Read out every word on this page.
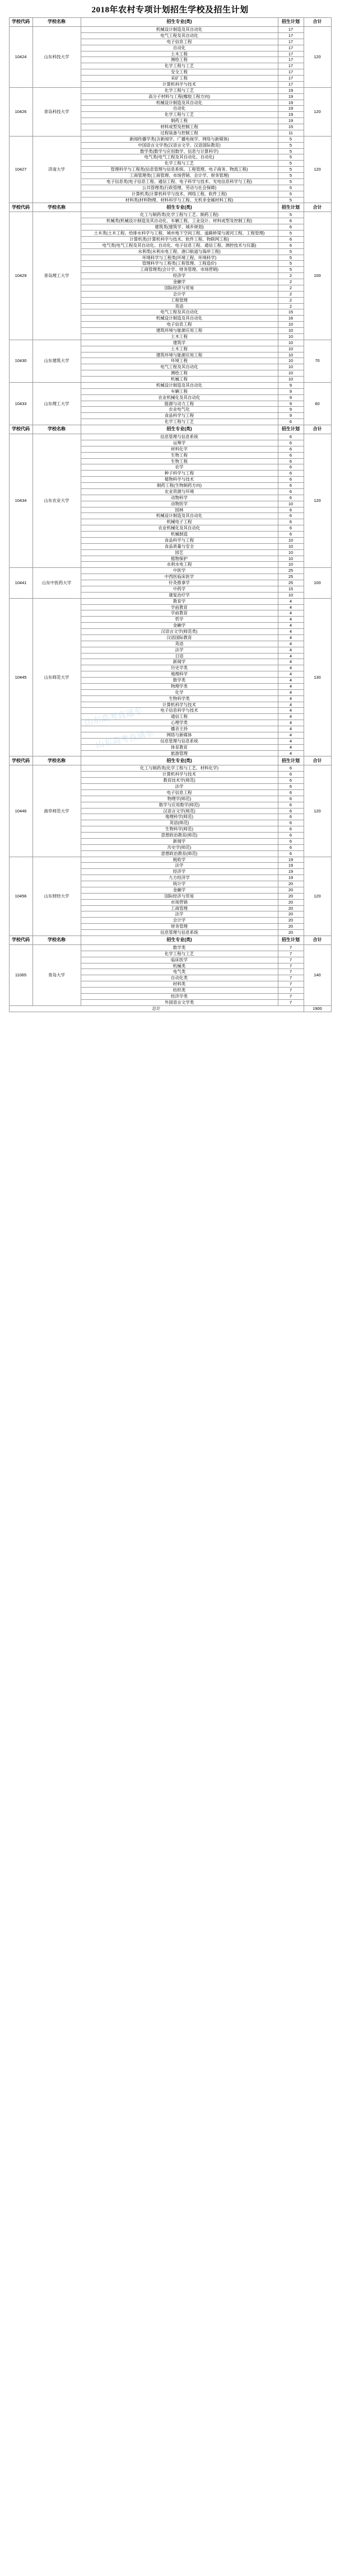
2018年农村专项计划招生学校及招生计划
学校代码	学校名称	招生专业(类)	招生计划	合计
10424	山东科技大学	机械设计制造及其自动化	17	120
		电气工程及其自动化	17	
		电子信息工程	17	
		自动化	17	
		土木工程	17	
		测绘工程	17	
		化学工程与工艺	17	
		安全工程	17	
		采矿工程	17	
		计算机科学与技术	17	
10426	青岛科技大学	化学工程与工艺	19	120
		高分子材料与工程(橡胶工程方向)	19	
		机械设计制造及其自动化	19	
		自动化	19	
		化学工程与工艺	19	
		制药工程	19	
		材料成型及控制工程	15	
		过程装备与控制工程	11	
10427	济南大学	新闻传播学类(含新闻学、广播电视学、网络与新媒体)	5	120
		中国语言文学类(汉语言文学、汉语国际教育)	5	
		数学类(数学与应用数学、信息与计算科学)	5	
		电气类(电气工程及其自动化、自动化)	5	
		化学工程与工艺	5	
		管理科学与工程类(信息管理与信息系统、工程管理、电子商务、物流工程)	5	
		工商管理类(工商管理、市场营销、会计学、财务管理)	5	
		电子信息类(电子信息工程、通信工程、电子科学与技术、光电信息科学与工程)	5	
		公共管理类(行政管理、劳动与社会保障)	5	
		计算机类(计算机科学与技术、网络工程、软件工程)	5	
		材料类(材料物理、材料科学与工程、无机非金属材料工程)	5	
学校代码	学校名称	招生专业(类)	招生计划	合计
10429	青岛理工大学	化工与制药类(化学工程与工艺、制药工程)	5	100
		机械类(机械设计制造及其自动化、车辆工程、工业设计、材料成型及控制工程)	6	
		建筑类(建筑学、城乡规划)	6	
		土木类(土木工程、给排水科学与工程、城市地下空间工程、道路桥梁与渡河工程、工程管理)	5	
		计算机类(计算机科学与技术、软件工程、物联网工程)	6	
		电气类(电气工程及其自动化、自动化、电子信息工程、通信工程、测控技术与仪器)	6	
		水利类(水利水电工程、港口航道与海岸工程)	5	
		环境科学与工程类(环境工程、环境科学)	5	
		管理科学与工程类(工程管理、工程造价)	5	
		工商管理类(会计学、财务管理、市场营销)	5	
		经济学	2	
		金融学	2	
		国际经济与贸易	2	
		会计学	2	
		工程管理	2	
		英语	2	
		电气工程及其自动化	15	
		机械设计制造及其自动化	16	
		电子信息工程	10	
		建筑环境与能源应用工程	10	
		土木工程	10	
10430	山东建筑大学	建筑学	10	70
		土木工程	10	
		建筑环境与能源应用工程	10	
		环境工程	10	
		电气工程及其自动化	10	
		测绘工程	10	
		机械工程	10	
10433	山东理工大学	机械设计制造及其自动化	9	60
		车辆工程	9	
		农业机械化及其自动化	9	
		能源与动力工程	9	
		农业电气化	9	
		食品科学与工程	9	
		化学工程与工艺	6	
学校代码	学校名称	招生专业(类)	招生计划	合计
10434	山东农业大学	信息管理与信息系统	6	120
		运筹学	6	
		材料化学	6	
		生物工程	6	
		生物工程	6	
		农学	6	
		种子科学与工程	6	
		植物科学与技术	6	
		制药工程(生物制药方向)	6	
		农业资源与环境	6	
		动物科学	6	
		动物医学	10	
		园林	6	
		机械设计制造及其自动化	6	
		机械电子工程	6	
		农业机械化及其自动化	6	
		机械制造	6	
		食品科学与工程	10	
		食品质量与安全	10	
		园艺	10	
		植物保护	10	
		水利水电工程	10	
10441	山东中医药大学	中医学	25	100
		中西医临床医学	25	
		针灸推拿学	25	
		中药学	15	
		康复治疗学	10	
10445	山东师范大学	教育学	4	130
		学前教育	4	
		学前教育	4	
		哲学	4	
		金融学	4	
		汉语言文学(师范类)	4	
		汉语国际教育	4	
		英语	4	
		法学	4	
		日语	4	
		新闻学	4	
		历史学类	4	
		地理科学	4	
		数学类	4	
		物理学类	4	
		化学	4	
		生物科学类	4	
		计算机科学与技术	4	
		电子信息科学与技术	4	
		通信工程	4	
		心理学类	4	
		播音主持	4	
		网络与新媒体	4	
		信息管理与信息系统	4	
		体育教育	4	
		旅游管理	4	
学校代码	学校名称	招生专业(类)	招生计划	合计
10446	曲阜师范大学	化工与制药类(化学工程与工艺、材料化学)	6	120
		计算机科学与技术	6	
		教育技术学(师范)	6	
		法学	6	
		电子信息工程	6	
		物理学(师范)	6	
		数学与应用数学(师范)	6	
		汉语言文学(师范)	6	
		地理科学(师范)	6	
		英语(师范)	6	
		生物科学(师范)	6	
		思想政治教育(师范)	6	
		新闻学	6	
		历史学(师范)	6	
		思想政治教育(师范)	6	
10456	山东财经大学	税收学	19	120
		法学	19	
		经济学	19	
		九方经济学	19	
		统计学	20	
		金融学	20	
		国际经济与贸易	20	
		市场营销	20	
		工商管理	20	
		法学	20	
		会计学	20	
		财务管理	20	
		信息管理与信息系统	20	
学校代码	学校名称	招生专业(类)	招生计划	合计
11065	青岛大学	数学类	7	140
		化学工程与工艺	7	
		临床医学	7	
		机械类	7	
		电气类	7	
		自动化类	7	
		材料类	7	
		纺织类	7	
		经济学类	7	
		外国语言文学类	7	
总计				1900
山东高考直通车
山东高考直通车
